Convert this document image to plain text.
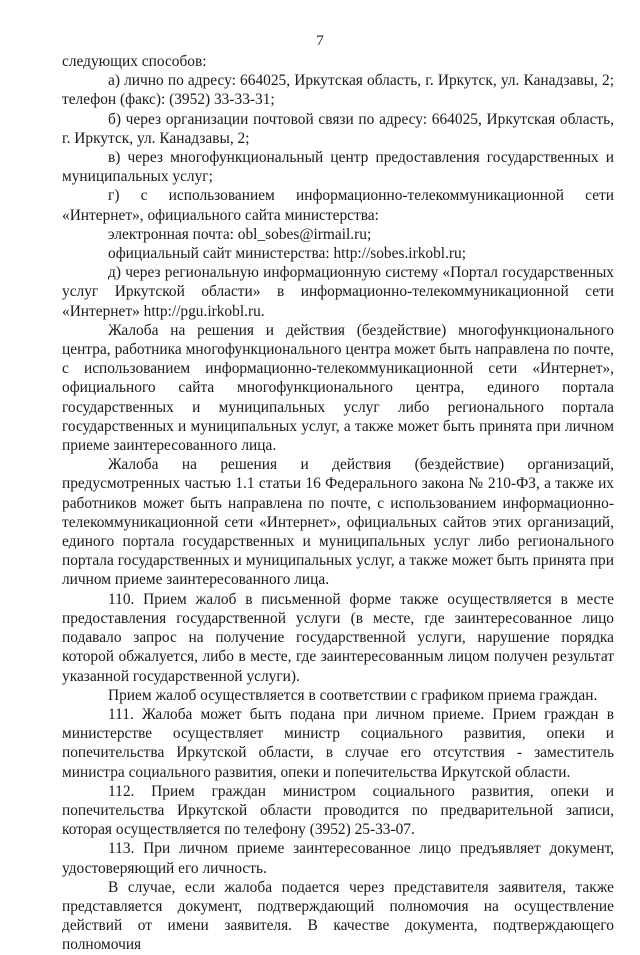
7

следующих способов:

а) лично по адресу: 664025, Иркутская область, г. Иркутск, ул. Канадзавы, 2; телефон (факс): (3952) 33-33-31;

б) через организации почтовой связи по адресу: 664025, Иркутская область, г. Иркутск, ул. Канадзавы, 2;

в) через многофункциональный центр предоставления государственных и муниципальных услуг;

г) с использованием информационно-телекоммуникационной сети «Интернет», официального сайта министерства:

электронная почта: obl_sobes@irmail.ru;

официальный сайт министерства: http://sobes.irkobl.ru;

д) через региональную информационную систему «Портал государственных услуг Иркутской области» в информационно-телекоммуникационной сети «Интернет» http://pgu.irkobl.ru.

Жалоба на решения и действия (бездействие) многофункционального центра, работника многофункционального центра может быть направлена по почте, с использованием информационно-телекоммуникационной сети «Интернет», официального сайта многофункционального центра, единого портала государственных и муниципальных услуг либо регионального портала государственных и муниципальных услуг, а также может быть принята при личном приеме заинтересованного лица.

Жалоба на решения и действия (бездействие) организаций, предусмотренных частью 1.1 статьи 16 Федерального закона № 210-ФЗ, а также их работников может быть направлена по почте, с использованием информационно-телекоммуникационной сети «Интернет», официальных сайтов этих организаций, единого портала государственных и муниципальных услуг либо регионального портала государственных и муниципальных услуг, а также может быть принята при личном приеме заинтересованного лица.

110. Прием жалоб в письменной форме также осуществляется в месте предоставления государственной услуги (в месте, где заинтересованное лицо подавало запрос на получение государственной услуги, нарушение порядка которой обжалуется, либо в месте, где заинтересованным лицом получен результат указанной государственной услуги).

Прием жалоб осуществляется в соответствии с графиком приема граждан.

111. Жалоба может быть подана при личном приеме. Прием граждан в министерстве осуществляет министр социального развития, опеки и попечительства Иркутской области, в случае его отсутствия - заместитель министра социального развития, опеки и попечительства Иркутской области.

112. Прием граждан министром социального развития, опеки и попечительства Иркутской области проводится по предварительной записи, которая осуществляется по телефону (3952) 25-33-07.

113. При личном приеме заинтересованное лицо предъявляет документ, удостоверяющий его личность.

В случае, если жалоба подается через представителя заявителя, также представляется документ, подтверждающий полномочия на осуществление действий от имени заявителя. В качестве документа, подтверждающего полномочия
